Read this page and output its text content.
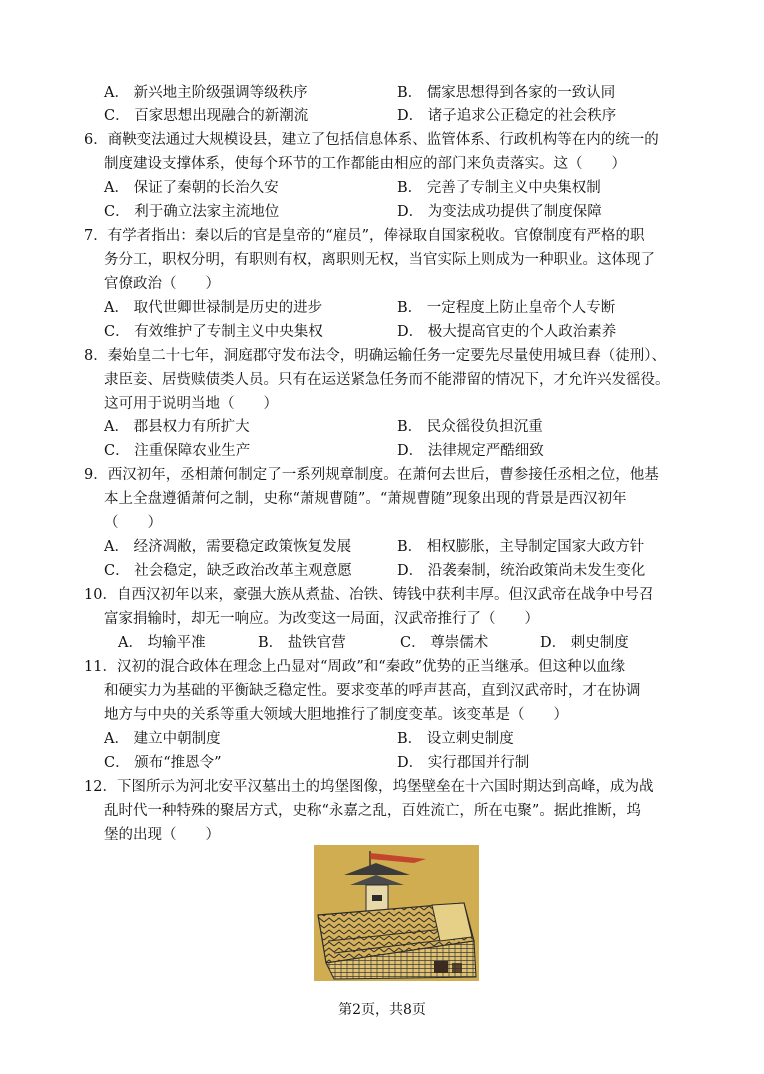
A． 新兴地主阶级强调等级秩序	B． 儒家思想得到各家的一致认同
C． 百家思想出现融合的新潮流	D． 诸子追求公正稳定的社会秩序
6．商鞅变法通过大规模设县，建立了包括信息体系、监管体系、行政机构等在内的统一的
制度建设支撑体系，使每个环节的工作都能由相应的部门来负责落实。这（　　）
A． 保证了秦朝的长治久安	B． 完善了专制主义中央集权制
C． 利于确立法家主流地位	D． 为变法成功提供了制度保障
7．有学者指出：秦以后的官是皇帝的“雇员”，俸禄取自国家税收。官僚制度有严格的职
务分工，职权分明，有职则有权，离职则无权，当官实际上则成为一种职业。这体现了
官僚政治（　　）
A． 取代世卿世禄制是历史的进步	B． 一定程度上防止皇帝个人专断
C． 有效维护了专制主义中央集权	D． 极大提高官吏的个人政治素养
8．秦始皇二十七年，洞庭郡守发布法令，明确运输任务一定要先尽量使用城旦舂（徒刑）、
隶臣妾、居赀赎债类人员。只有在运送紧急任务而不能滞留的情况下，才允许兴发徭役。
这可用于说明当地（　　）
A． 郡县权力有所扩大	B． 民众徭役负担沉重
C． 注重保障农业生产	D． 法律规定严酷细致
9．西汉初年，丞相萧何制定了一系列规章制度。在萧何去世后，曹参接任丞相之位，他基
本上全盘遵循萧何之制，史称“萧规曹随”。“萧规曹随”现象出现的背景是西汉初年
（　　）
A． 经济凋敝，需要稳定政策恢复发展	B． 相权膨胀，主导制定国家大政方针
C． 社会稳定，缺乏政治改革主观意愿	D． 沿袭秦制，统治政策尚未发生变化
10．自西汉初年以来，豪强大族从煮盐、冶铁、铸钱中获利丰厚。但汉武帝在战争中号召
富家捐输时，却无一响应。为改变这一局面，汉武帝推行了（　　）
A． 均输平准	B． 盐铁官营	C． 尊崇儒术	D． 刺史制度
11．汉初的混合政体在理念上凸显对“周政”和“秦政”优势的正当继承。但这种以血缘
和硬实力为基础的平衡缺乏稳定性。要求变革的呼声甚高，直到汉武帝时，才在协调
地方与中央的关系等重大领域大胆地推行了制度变革。该变革是（　　）
A． 建立中朝制度	B． 设立刺史制度
C． 颁布“推恩令”	D． 实行郡国并行制
12．下图所示为河北安平汉墓出土的坞堡图像，坞堡壁垒在十六国时期达到高峰，成为战
乱时代一种特殊的聚居方式，史称“永嘉之乱，百姓流亡，所在屯聚”。据此推断，坞
堡的出现（　　）
第2页，共8页
